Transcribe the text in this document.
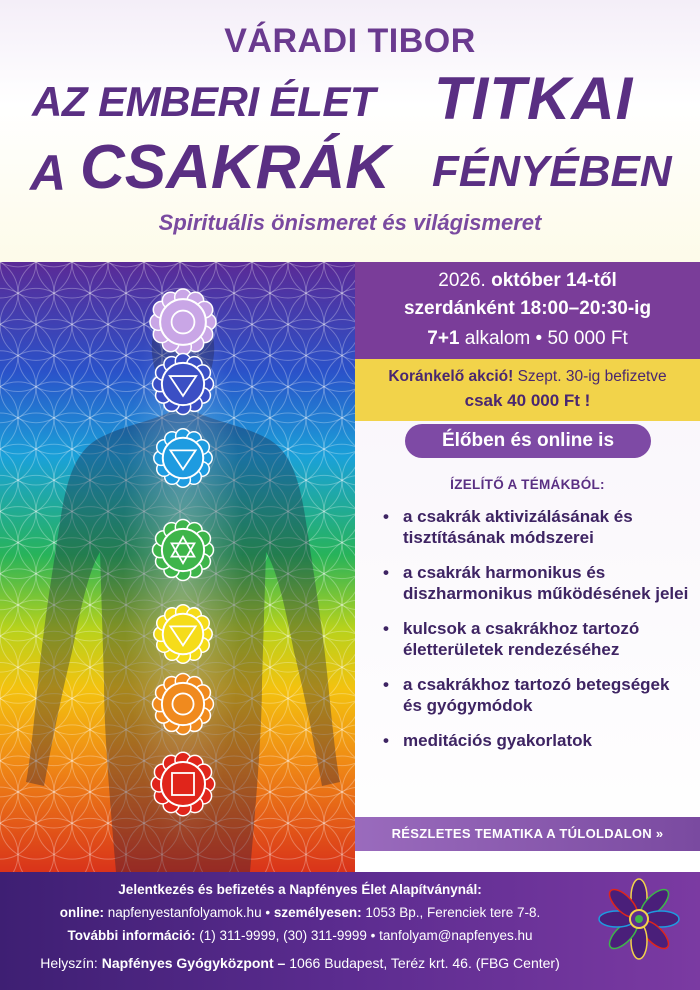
VÁRADI TIBOR
AZ EMBERI ÉLET TITKAI
A CSAKRÁK FÉNYÉBEN
Spirituális önismeret és világismeret
2026. október 14-től
szerdánként 18:00–20:30-ig
7+1 alkalom • 50 000 Ft
Koránkelő akció! Szept. 30-ig befizetve
csak 40 000 Ft !
Élőben és online is
ÍZELÍTŐ A TÉMÁKBÓL:
• a csakrák aktivizálásának és tisztításának módszerei
• a csakrák harmonikus és diszharmonikus működésének jelei
• kulcsok a csakrákhoz tartozó életterületek rendezéséhez
• a csakrákhoz tartozó betegségek és gyógymódok
• meditációs gyakorlatok
RÉSZLETES TEMATIKA A TÚLOLDALON »
Jelentkezés és befizetés a Napfényes Élet Alapítványnál:
online: napfenyestanfolyamok.hu • személyesen: 1053 Bp., Ferenciek tere 7-8.
További információ: (1) 311-9999, (30) 311-9999 • tanfolyam@napfenyes.hu
Helyszín: Napfényes Gyógyközpont – 1066 Budapest, Teréz krt. 46. (FBG Center)
